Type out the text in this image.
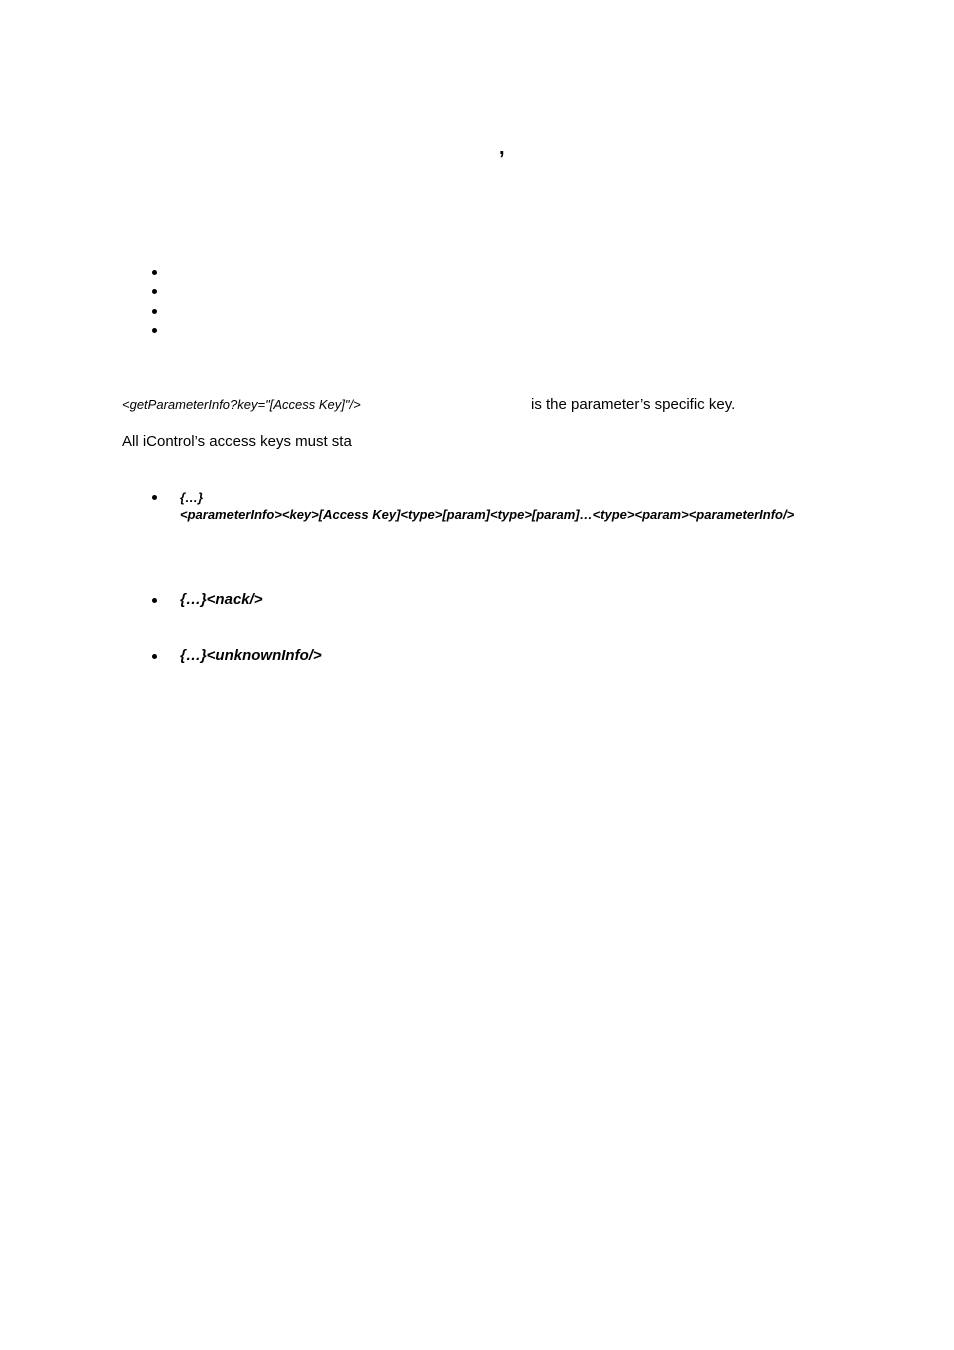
,
<getParameterInfo?key="[Access Key]"/>	is the parameter’s specific key.
All iControl’s access keys must sta
{…}
<parameterInfo><key>[Access Key]<type>[param]<type>[param]…<type><param><parameterInfo/>
{…}<nack/>
{…}<unknownInfo/>
